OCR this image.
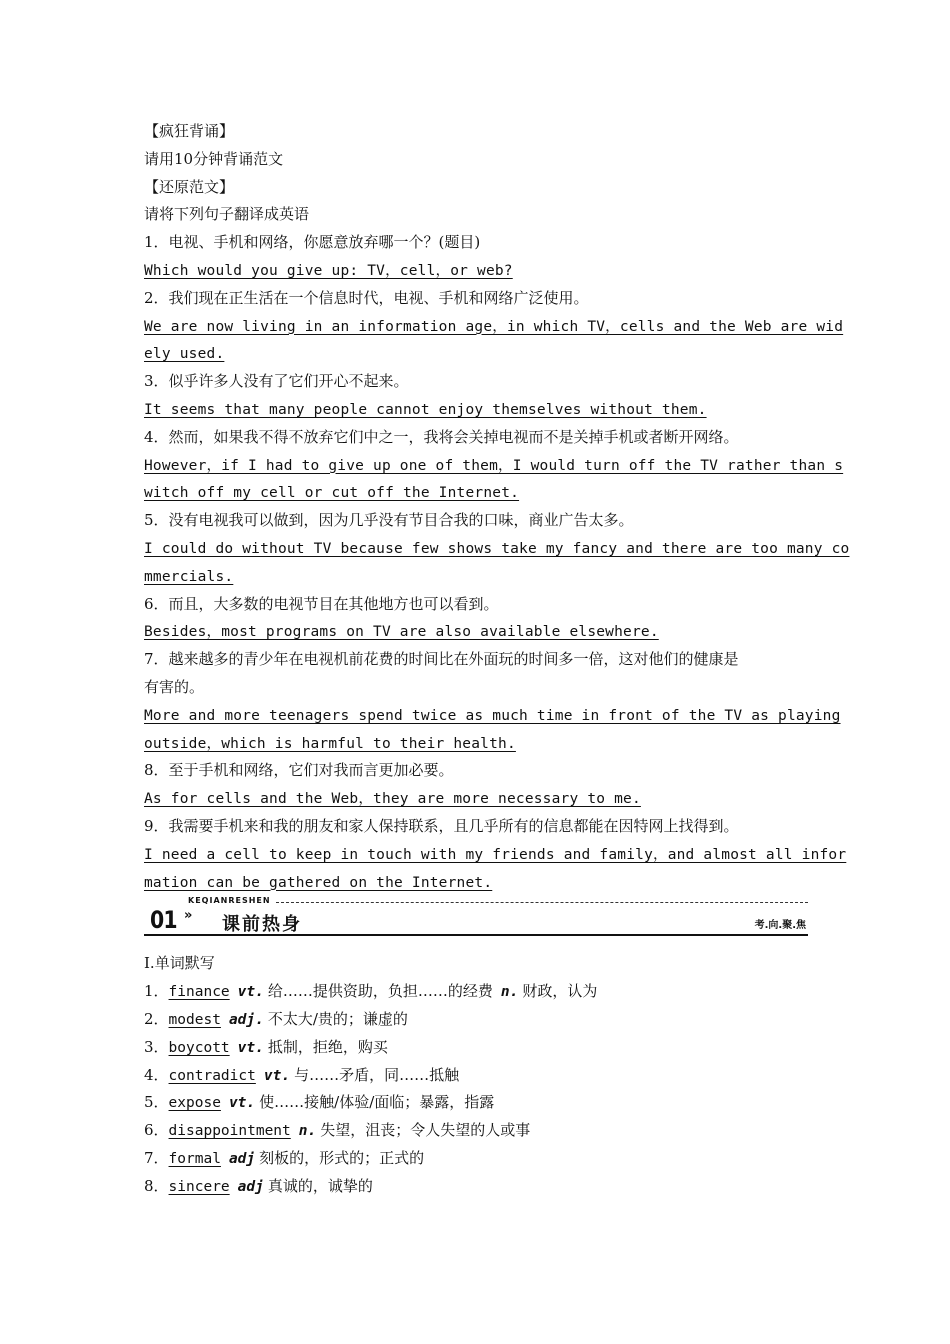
【疯狂背诵】
请用10分钟背诵范文
【还原范文】
请将下列句子翻译成英语
1．电视、手机和网络，你愿意放弃哪一个？(题目)
Which would you give up: TV，cell，or web?
2．我们现在正生活在一个信息时代，电视、手机和网络广泛使用。
We are now living in an information age，in which TV，cells and the Web are wid
ely used.
3．似乎许多人没有了它们开心不起来。
It seems that many people cannot enjoy themselves without them.
4．然而，如果我不得不放弃它们中之一，我将会关掉电视而不是关掉手机或者断开网络。
However，if I had to give up one of them，I would turn off the TV rather than s
witch off my cell or cut off the Internet.
5．没有电视我可以做到，因为几乎没有节目合我的口味，商业广告太多。
I could do without TV because few shows take my fancy and there are too many co
mmercials.
6．而且，大多数的电视节目在其他地方也可以看到。
Besides，most programs on TV are also available elsewhere.
7．越来越多的青少年在电视机前花费的时间比在外面玩的时间多一倍，这对他们的健康是
有害的。
More and more teenagers spend twice as much time in front of the TV as playing
outside，which is harmful to their health.
8．至于手机和网络，它们对我而言更加必要。
As for cells and the Web，they are more necessary to me.
9．我需要手机来和我的朋友和家人保持联系，且几乎所有的信息都能在因特网上找得到。
I need a cell to keep in touch with my friends and family，and almost all infor
mation can be gathered on the Internet.
01
KEQIANRESHEN
» 课前热身	考.向.聚.焦
Ⅰ.单词默写
1．finance vt. 给……提供资助，负担……的经费 n. 财政，认为
2．modest adj. 不太大/贵的；谦虚的
3．boycott vt. 抵制，拒绝，购买
4．contradict vt. 与……矛盾，同……抵触
5．expose vt. 使……接触/体验/面临；暴露，指露
6．disappointment n. 失望，沮丧；令人失望的人或事
7．formal adj 刻板的，形式的；正式的
8．sincere adj 真诚的，诚挚的
